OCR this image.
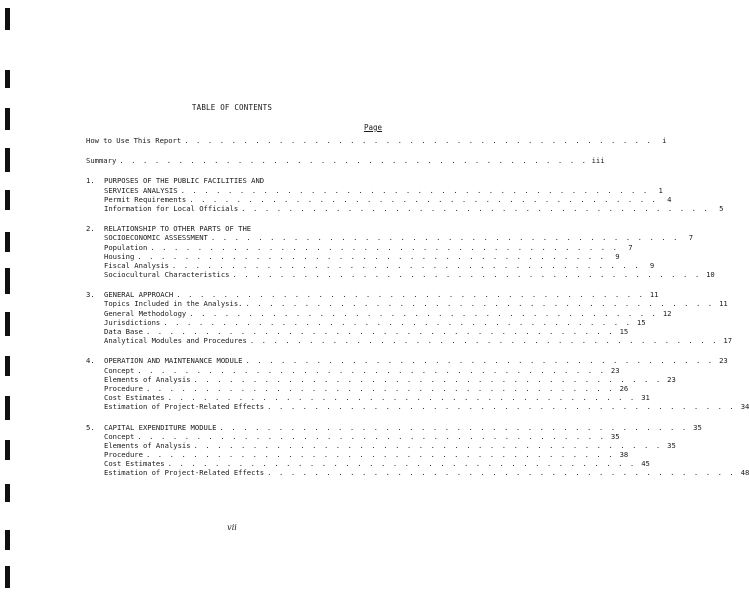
TABLE OF CONTENTS
Page
How to Use This Report . . . . . . . . . . . . . . . . . . . . . . . . . . . . . . . . . . . . . . . .	i
Summary . . . . . . . . . . . . . . . . . . . . . . . . . . . . . . . . . . . . . . . . iii
1.	PURPOSES OF THE PUBLIC FACILITIES AND
SERVICES ANALYSIS . . . . . . . . . . . . . . . . . . . . . . . . . . . . . . . . . . . . . . . .	1
Permit Requirements . . . . . . . . . . . . . . . . . . . . . . . . . . . . . . . . . . . . . . . .	4
Information for Local Officials . . . . . . . . . . . . . . . . . . . . . . . . . . . . . . . . . . . . . . . .	5
2.	RELATIONSHIP TO OTHER PARTS OF THE
SOCIOECONOMIC ASSESSMENT . . . . . . . . . . . . . . . . . . . . . . . . . . . . . . . . . . . . . . . .	7
Population . . . . . . . . . . . . . . . . . . . . . . . . . . . . . . . . . . . . . . . .	7
Housing . . . . . . . . . . . . . . . . . . . . . . . . . . . . . . . . . . . . . . . .	9
Fiscal Analysis . . . . . . . . . . . . . . . . . . . . . . . . . . . . . . . . . . . . . . . .	9
Sociocultural Characteristics . . . . . . . . . . . . . . . . . . . . . . . . . . . . . . . . . . . . . . . . 10
3.	GENERAL APPROACH . . . . . . . . . . . . . . . . . . . . . . . . . . . . . . . . . . . . . . . . 11
Topics Included in the Analysis. . . . . . . . . . . . . . . . . . . . . . . . . . . . . . . . . . . . . . . . . 11
General Methodology . . . . . . . . . . . . . . . . . . . . . . . . . . . . . . . . . . . . . . . . 12
Jurisdictions . . . . . . . . . . . . . . . . . . . . . . . . . . . . . . . . . . . . . . . . 15
Data Base . . . . . . . . . . . . . . . . . . . . . . . . . . . . . . . . . . . . . . . . 15
Analytical Modules and Procedures . . . . . . . . . . . . . . . . . . . . . . . . . . . . . . . . . . . . . . . . 17
4.	OPERATION AND MAINTENANCE MODULE . . . . . . . . . . . . . . . . . . . . . . . . . . . . . . . . . . . . . . . . 23
Concept . . . . . . . . . . . . . . . . . . . . . . . . . . . . . . . . . . . . . . . . 23
Elements of Analysis . . . . . . . . . . . . . . . . . . . . . . . . . . . . . . . . . . . . . . . . 23
Procedure . . . . . . . . . . . . . . . . . . . . . . . . . . . . . . . . . . . . . . . . 26
Cost Estimates . . . . . . . . . . . . . . . . . . . . . . . . . . . . . . . . . . . . . . . . 31
Estimation of Project-Related Effects . . . . . . . . . . . . . . . . . . . . . . . . . . . . . . . . . . . . . . . . 34
5.	CAPITAL EXPENDITURE MODULE . . . . . . . . . . . . . . . . . . . . . . . . . . . . . . . . . . . . . . . . 35
Concept . . . . . . . . . . . . . . . . . . . . . . . . . . . . . . . . . . . . . . . . 35
Elements of Analysis . . . . . . . . . . . . . . . . . . . . . . . . . . . . . . . . . . . . . . . . 35
Procedure . . . . . . . . . . . . . . . . . . . . . . . . . . . . . . . . . . . . . . . . 38
Cost Estimates . . . . . . . . . . . . . . . . . . . . . . . . . . . . . . . . . . . . . . . . 45
Estimation of Project-Related Effects . . . . . . . . . . . . . . . . . . . . . . . . . . . . . . . . . . . . . . . . 48
vii
